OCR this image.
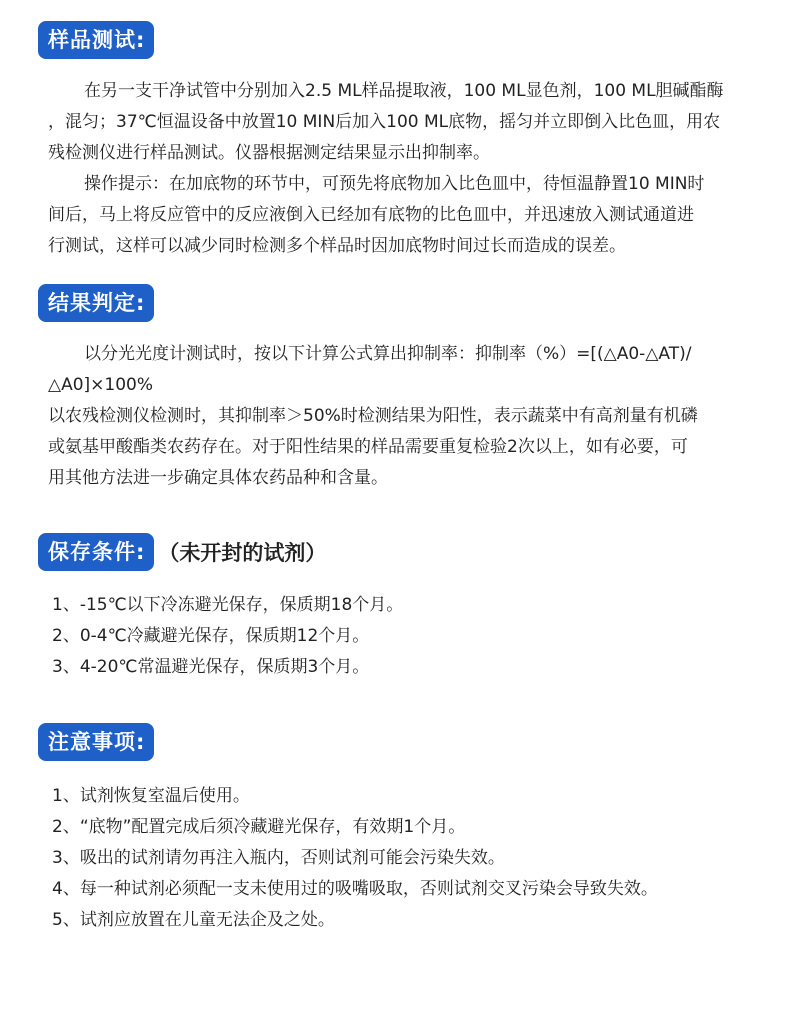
样品测试:
在另一支干净试管中分别加入2.5 ML样品提取液，100 ML显色剂，100 ML胆碱酯酶
，混匀；37℃恒温设备中放置10 MIN后加入100 ML底物，摇匀并立即倒入比色皿，用农
残检测仪进行样品测试。仪器根据测定结果显示出抑制率。
操作提示：在加底物的环节中，可预先将底物加入比色皿中，待恒温静置10 MIN时
间后，马上将反应管中的反应液倒入已经加有底物的比色皿中，并迅速放入测试通道进
行测试，这样可以减少同时检测多个样品时因加底物时间过长而造成的误差。
结果判定:
以分光光度计测试时，按以下计算公式算出抑制率：抑制率（%）=[(△A0-△AT)/
△A0]×100%
以农残检测仪检测时，其抑制率＞50%时检测结果为阳性，表示蔬菜中有高剂量有机磷
或氨基甲酸酯类农药存在。对于阳性结果的样品需要重复检验2次以上，如有必要，可
用其他方法进一步确定具体农药品种和含量。
保存条件: （未开封的试剂）
1、-15℃以下冷冻避光保存，保质期18个月。
2、0-4℃冷藏避光保存，保质期12个月。
3、4-20℃常温避光保存，保质期3个月。
注意事项:
1、试剂恢复室温后使用。
2、“底物”配置完成后须冷藏避光保存，有效期1个月。
3、吸出的试剂请勿再注入瓶内，否则试剂可能会污染失效。
4、每一种试剂必须配一支未使用过的吸嘴吸取，否则试剂交叉污染会导致失效。
5、试剂应放置在儿童无法企及之处。
